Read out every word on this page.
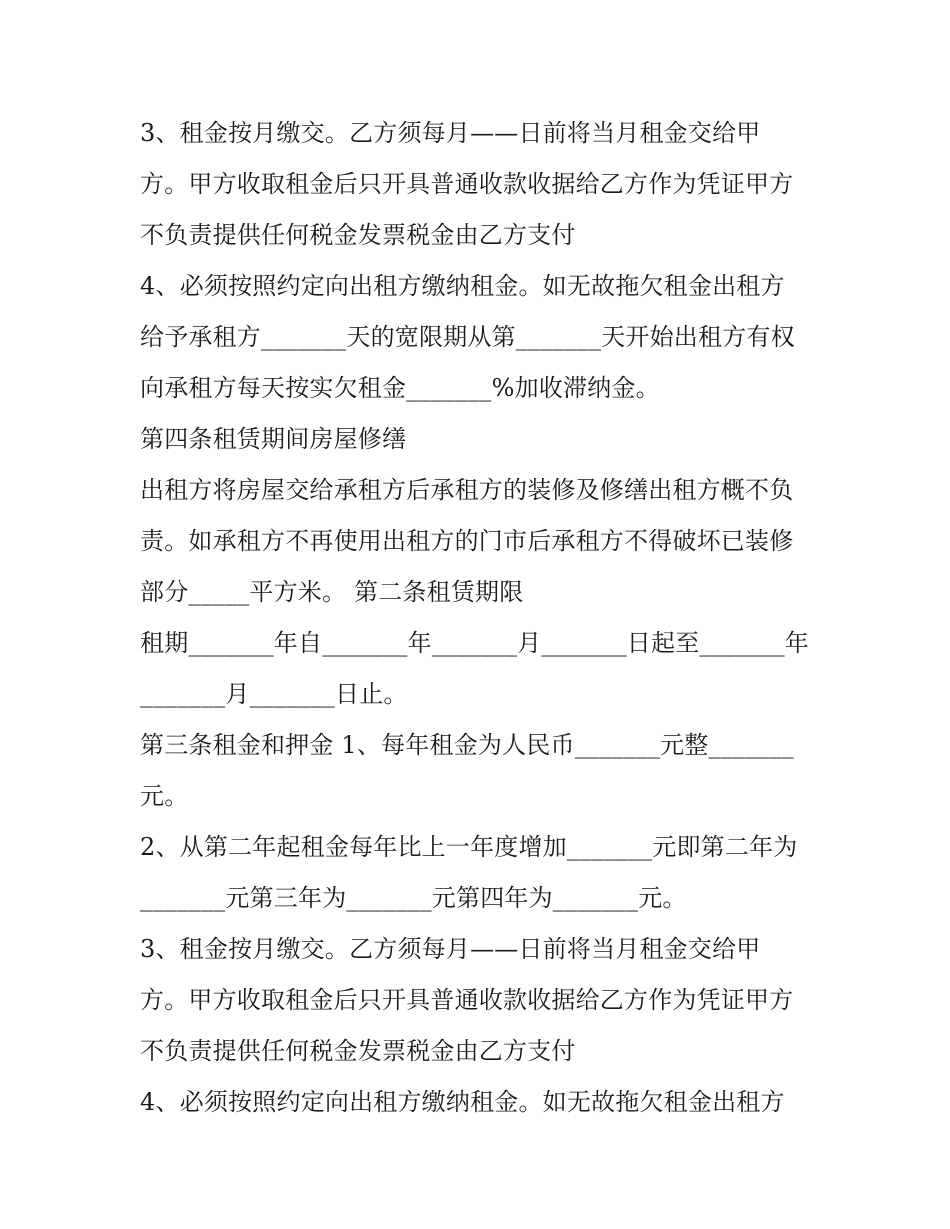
3、租金按月缴交。乙方须每月——日前将当月租金交给甲
方。甲方收取租金后只开具普通收款收据给乙方作为凭证甲方
不负责提供任何税金发票税金由乙方支付
4、必须按照约定向出租方缴纳租金。如无故拖欠租金出租方
给予承租方_______天的宽限期从第_______天开始出租方有权
向承租方每天按实欠租金_______%加收滞纳金。
第四条租赁期间房屋修缮
出租方将房屋交给承租方后承租方的装修及修缮出租方概不负
责。如承租方不再使用出租方的门市后承租方不得破坏已装修
部分_____平方米。 第二条租赁期限
租期_______年自_______年_______月_______日起至_______年
_______月_______日止。
第三条租金和押金 1、每年租金为人民币_______元整_______
元。
2、从第二年起租金每年比上一年度增加_______元即第二年为
_______元第三年为_______元第四年为_______元。
3、租金按月缴交。乙方须每月——日前将当月租金交给甲
方。甲方收取租金后只开具普通收款收据给乙方作为凭证甲方
不负责提供任何税金发票税金由乙方支付
4、必须按照约定向出租方缴纳租金。如无故拖欠租金出租方
